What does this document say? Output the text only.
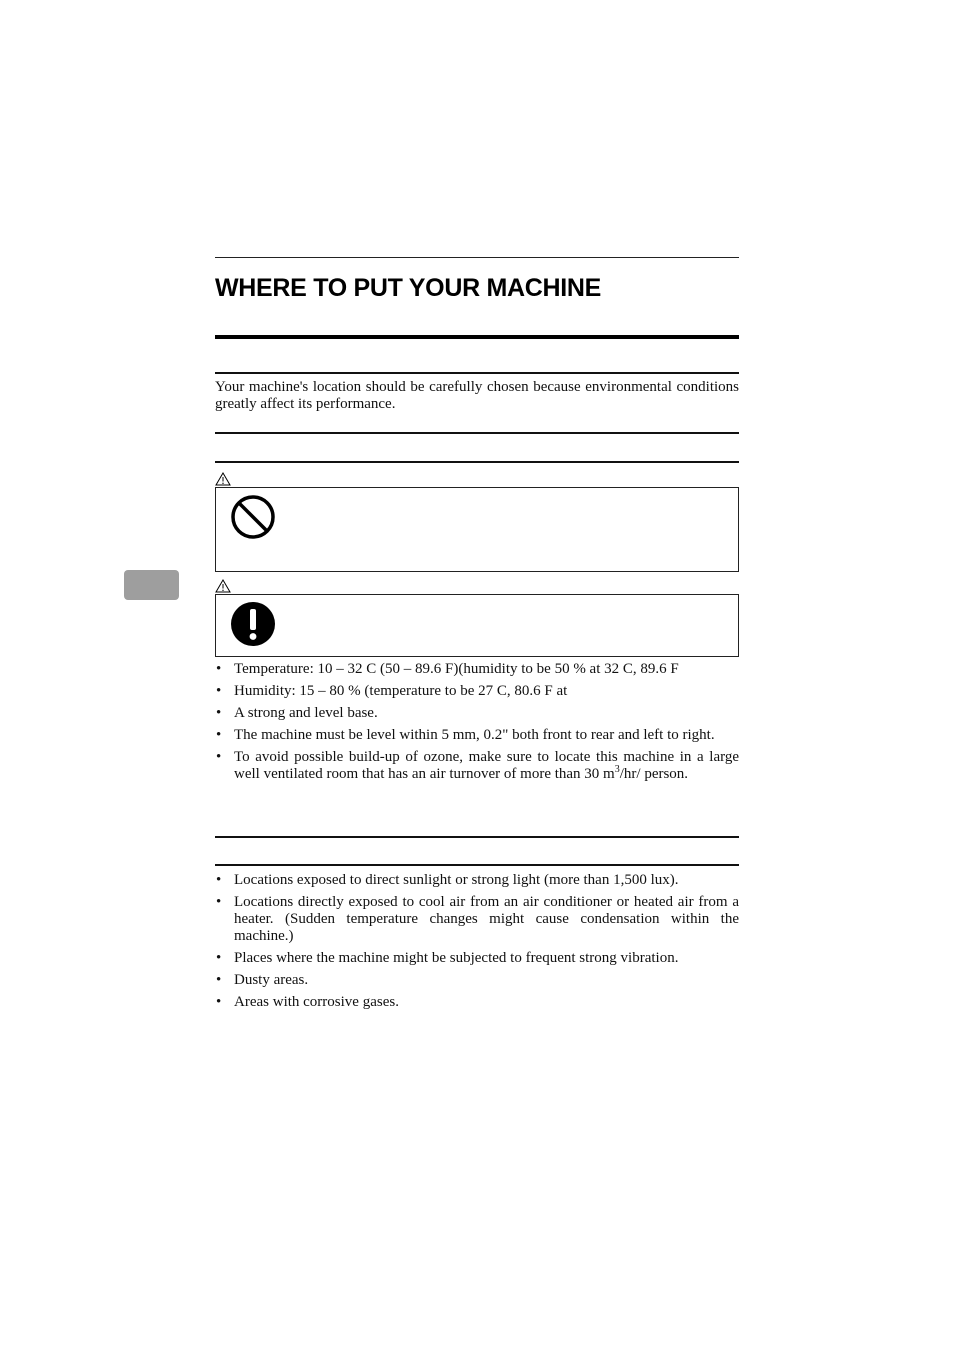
WHERE TO PUT YOUR MACHINE
Your machine's location should be carefully chosen because environmental conditions greatly affect its performance.
• Temperature: 10 – 32 C (50 – 89.6 F)(humidity to be 50 % at 32 C, 89.6 F
• Humidity: 15 – 80 % (temperature to be 27 C, 80.6 F at
• A strong and level base.
• The machine must be level within 5 mm, 0.2" both front to rear and left to right.
• To avoid possible build-up of ozone, make sure to locate this machine in a large well ventilated room that has an air turnover of more than 30 $m^3/hr/$ person.
• Locations exposed to direct sunlight or strong light (more than 1,500 lux).
• Locations directly exposed to cool air from an air conditioner or heated air from a heater. (Sudden temperature changes might cause condensation within the machine.)
• Places where the machine might be subjected to frequent strong vibration.
• Dusty areas.
• Areas with corrosive gases.
